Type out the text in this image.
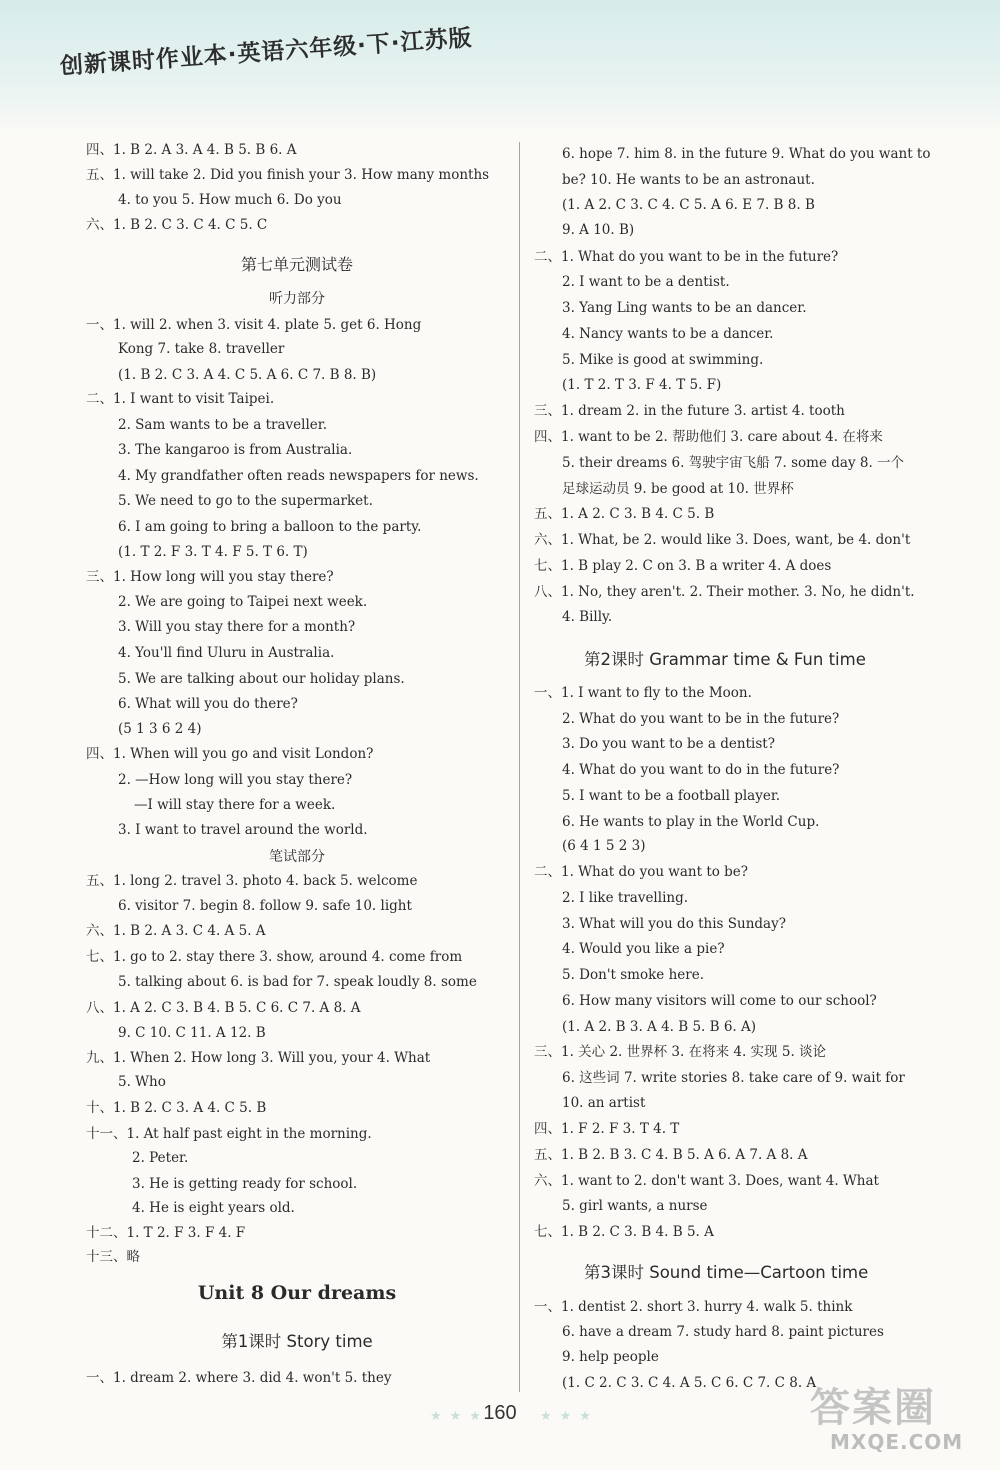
创新课时作业本·英语六年级·下·江苏版
四、1. B 2. A 3. A 4. B 5. B 6. A
五、1. will take 2. Did you finish your 3. How many months
4. to you 5. How much 6. Do you
六、1. B 2. C 3. C 4. C 5. C
第七单元测试卷
听力部分
一、1. will 2. when 3. visit 4. plate 5. get 6. Hong
Kong 7. take 8. traveller
(1. B 2. C 3. A 4. C 5. A 6. C 7. B 8. B)
二、1. I want to visit Taipei.
2. Sam wants to be a traveller.
3. The kangaroo is from Australia.
4. My grandfather often reads newspapers for news.
5. We need to go to the supermarket.
6. I am going to bring a balloon to the party.
(1. T 2. F 3. T 4. F 5. T 6. T)
三、1. How long will you stay there?
2. We are going to Taipei next week.
3. Will you stay there for a month?
4. You'll find Uluru in Australia.
5. We are talking about our holiday plans.
6. What will you do there?
(5 1 3 6 2 4)
四、1. When will you go and visit London?
2. —How long will you stay there?
—I will stay there for a week.
3. I want to travel around the world.
笔试部分
五、1. long 2. travel 3. photo 4. back 5. welcome
6. visitor 7. begin 8. follow 9. safe 10. light
六、1. B 2. A 3. C 4. A 5. A
七、1. go to 2. stay there 3. show, around 4. come from
5. talking about 6. is bad for 7. speak loudly 8. some
八、1. A 2. C 3. B 4. B 5. C 6. C 7. A 8. A
9. C 10. C 11. A 12. B
九、1. When 2. How long 3. Will you, your 4. What
5. Who
十、1. B 2. C 3. A 4. C 5. B
十一、1. At half past eight in the morning.
2. Peter.
3. He is getting ready for school.
4. He is eight years old.
十二、1. T 2. F 3. F 4. F
十三、略
Unit 8 Our dreams
第1课时 Story time
一、1. dream 2. where 3. did 4. won't 5. they
6. hope 7. him 8. in the future 9. What do you want to
be? 10. He wants to be an astronaut.
(1. A 2. C 3. C 4. C 5. A 6. E 7. B 8. B
9. A 10. B)
二、1. What do you want to be in the future?
2. I want to be a dentist.
3. Yang Ling wants to be an dancer.
4. Nancy wants to be a dancer.
5. Mike is good at swimming.
(1. T 2. T 3. F 4. T 5. F)
三、1. dream 2. in the future 3. artist 4. tooth
四、1. want to be 2. 帮助他们 3. care about 4. 在将来
5. their dreams 6. 驾驶宇宙飞船 7. some day 8. 一个
足球运动员 9. be good at 10. 世界杯
五、1. A 2. C 3. B 4. C 5. B
六、1. What, be 2. would like 3. Does, want, be 4. don't
七、1. B play 2. C on 3. B a writer 4. A does
八、1. No, they aren't. 2. Their mother. 3. No, he didn't.
4. Billy.
第2课时 Grammar time & Fun time
一、1. I want to fly to the Moon.
2. What do you want to be in the future?
3. Do you want to be a dentist?
4. What do you want to do in the future?
5. I want to be a football player.
6. He wants to play in the World Cup.
(6 4 1 5 2 3)
二、1. What do you want to be?
2. I like travelling.
3. What will you do this Sunday?
4. Would you like a pie?
5. Don't smoke here.
6. How many visitors will come to our school?
(1. A 2. B 3. A 4. B 5. B 6. A)
三、1. 关心 2. 世界杯 3. 在将来 4. 实现 5. 谈论
6. 这些词 7. write stories 8. take care of 9. wait for
10. an artist
四、1. F 2. F 3. T 4. T
五、1. B 2. B 3. C 4. B 5. A 6. A 7. A 8. A
六、1. want to 2. don't want 3. Does, want 4. What
5. girl wants, a nurse
七、1. B 2. C 3. B 4. B 5. A
第3课时 Sound time—Cartoon time
一、1. dentist 2. short 3. hurry 4. walk 5. think
6. have a dream 7. study hard 8. paint pictures
9. help people
(1. C 2. C 3. C 4. A 5. C 6. C 7. C 8. A
★★★
160	★★★	答案圈
MXQE.COM
